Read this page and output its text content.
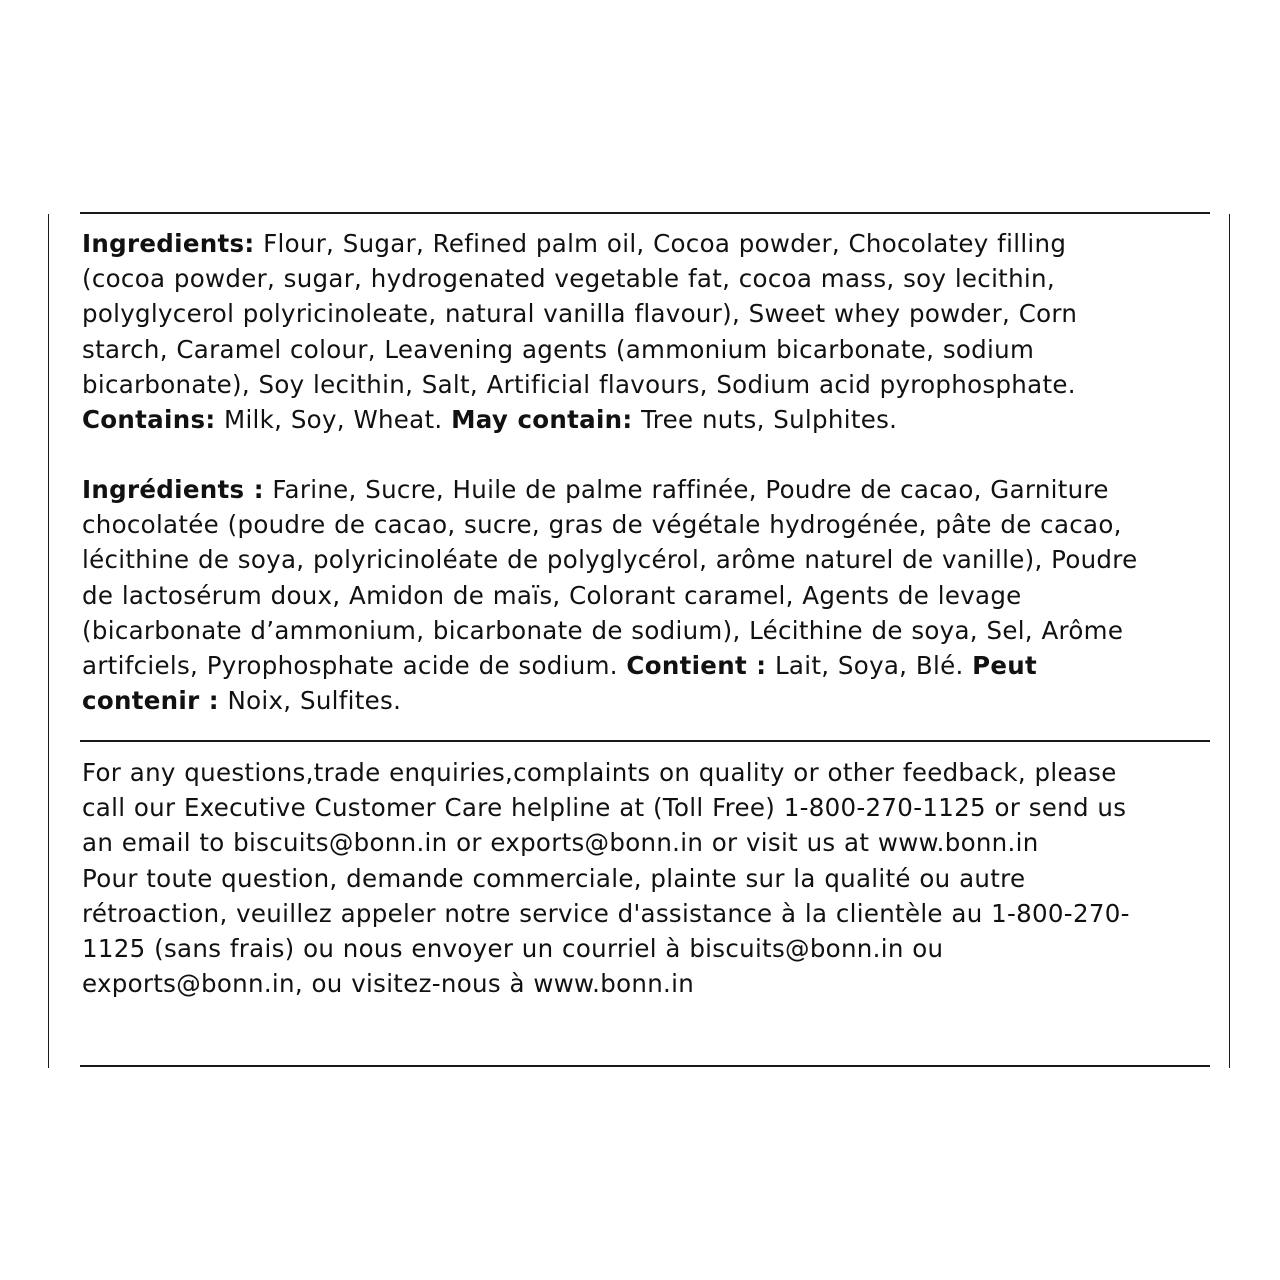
Ingredients: Flour, Sugar, Refined palm oil, Cocoa powder, Chocolatey filling
(cocoa powder, sugar, hydrogenated vegetable fat, cocoa mass, soy lecithin,
polyglycerol polyricinoleate, natural vanilla flavour), Sweet whey powder, Corn
starch, Caramel colour, Leavening agents (ammonium bicarbonate, sodium
bicarbonate), Soy lecithin, Salt, Artificial flavours, Sodium acid pyrophosphate.
Contains: Milk, Soy, Wheat. May contain: Tree nuts, Sulphites.
Ingrédients : Farine, Sucre, Huile de palme raffinée, Poudre de cacao, Garniture
chocolatée (poudre de cacao, sucre, gras de végétale hydrogénée, pâte de cacao,
lécithine de soya, polyricinoléate de polyglycérol, arôme naturel de vanille), Poudre
de lactosérum doux, Amidon de maïs, Colorant caramel, Agents de levage
(bicarbonate d’ammonium, bicarbonate de sodium), Lécithine de soya, Sel, Arôme
artifciels, Pyrophosphate acide de sodium. Contient : Lait, Soya, Blé. Peut
contenir : Noix, Sulfites.
For any questions,trade enquiries,complaints on quality or other feedback, please
call our Executive Customer Care helpline at (Toll Free) 1-800-270-1125 or send us
an email to biscuits@bonn.in or exports@bonn.in or visit us at www.bonn.in
Pour toute question, demande commerciale, plainte sur la qualité ou autre
rétroaction, veuillez appeler notre service d'assistance à la clientèle au 1-800-270-
1125 (sans frais) ou nous envoyer un courriel à biscuits@bonn.in ou
exports@bonn.in, ou visitez-nous à www.bonn.in
